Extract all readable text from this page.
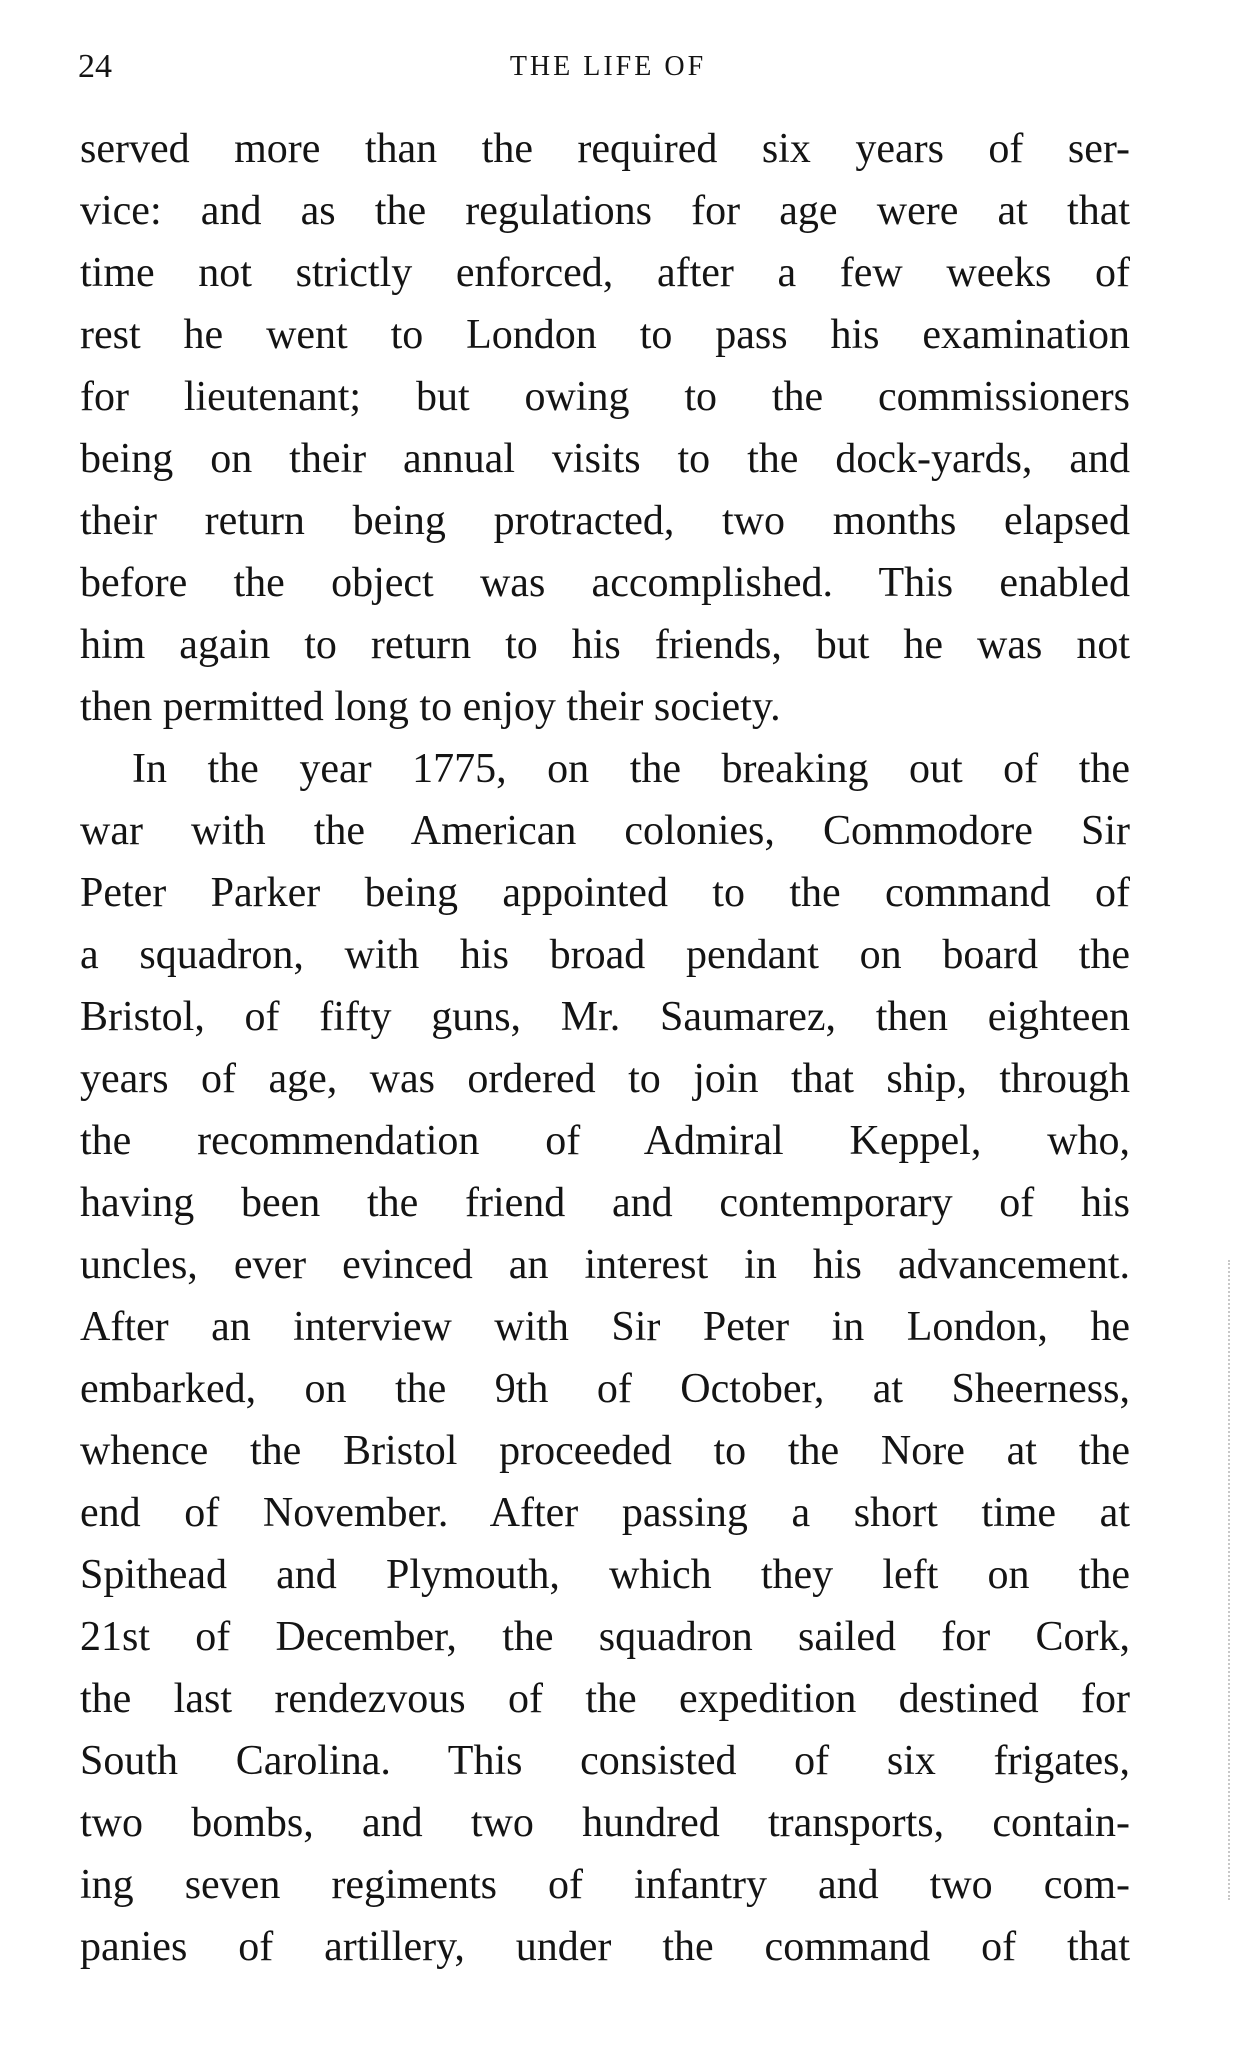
24	THE LIFE OF
served more than the required six years of ser-
vice: and as the regulations for age were at that
time not strictly enforced, after a few weeks of
rest he went to London to pass his examination
for lieutenant; but owing to the commissioners
being on their annual visits to the dock-yards, and
their return being protracted, two months elapsed
before the object was accomplished. This enabled
him again to return to his friends, but he was not
then permitted long to enjoy their society.
In the year 1775, on the breaking out of the
war with the American colonies, Commodore Sir
Peter Parker being appointed to the command of
a squadron, with his broad pendant on board the
Bristol, of fifty guns, Mr. Saumarez, then eighteen
years of age, was ordered to join that ship, through
the recommendation of Admiral Keppel, who,
having been the friend and contemporary of his
uncles, ever evinced an interest in his advancement.
After an interview with Sir Peter in London, he
embarked, on the 9th of October, at Sheerness,
whence the Bristol proceeded to the Nore at the
end of November. After passing a short time at
Spithead and Plymouth, which they left on the
21st of December, the squadron sailed for Cork,
the last rendezvous of the expedition destined for
South Carolina. This consisted of six frigates,
two bombs, and two hundred transports, contain-
ing seven regiments of infantry and two com-
panies of artillery, under the command of that
